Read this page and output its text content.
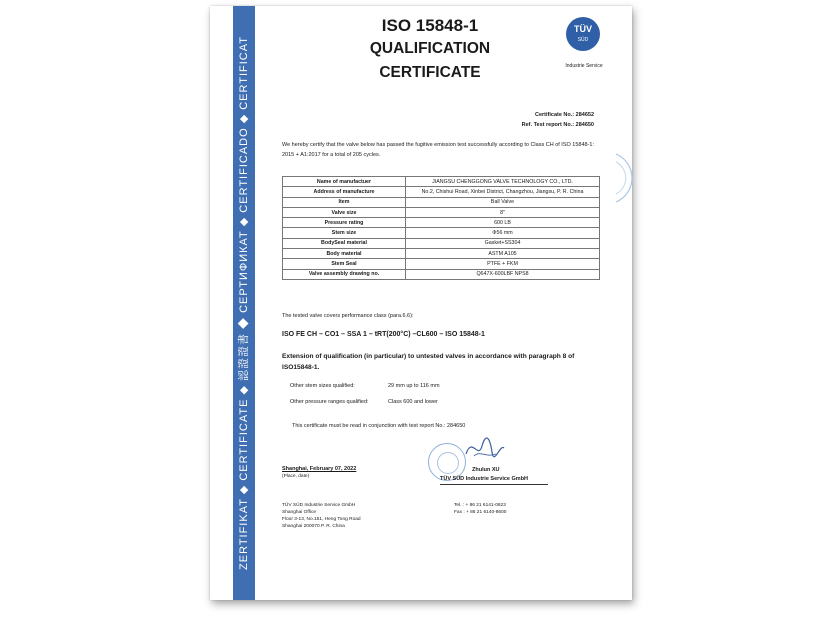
ZERTIFIKAT ◆ CERTIFICATE ◆ 認證證書 ◆ СЕРТИФИКАТ ◆ CERTIFICADO ◆ CERTIFICAT
ISO 15848-1
QUALIFICATION
CERTIFICATE
TÜV
SÜD
Industrie Service
Certificate No.: 284652
Ref. Test report No.: 284650
We hereby certify that the valve below has passed the fugitive emission test successfully according to Class CH of ISO 15848-1: 2015 + A1:2017 for a total of 205 cycles.
Name of manufactuer	JIANGSU CHENGGONG VALVE TECHNOLOGY CO., LTD.
Address of manufacture	No.2, Chishui Road, Xinbei District, Changzhou, Jiangsu, P. R. China
Item	Ball Valve
Valve size	8"
Pressure rating	600 LB
Stem size	Φ56 mm
BodySeal material	Gasket+SS304
Body material	ASTM A105
Stem Seal	PTFE + FKM
Valve assembly drawing no.	Q647X-600LBF NPS8
The tested valve covers performance class (para.6.6):
ISO FE CH – CO1 – SSA 1 – tRT(200°C) –CL600 – ISO 15848-1
Extension of qualification (in particular) to untested valves in accordance with paragraph 8 of ISO15848-1.
Other stem sizes qualified:	29 mm up to 116 mm
Other pressure ranges qualified:	Class 600 and lower
This certificate must be read in conjunction with test report No.: 284650
Shanghai, February 07, 2022
(Place, date)
Zhulun XU
TÜV SÜD Industrie Service GmbH
TÜV SÜD Industrie Service GmbH
Shanghai Office
Floor 3-13, No.151, Heng Tong Road
Shanghai 200070 P. R. China
Tel. : + 86 21 6141-0623
Fax : + 86 21 6140-8600
